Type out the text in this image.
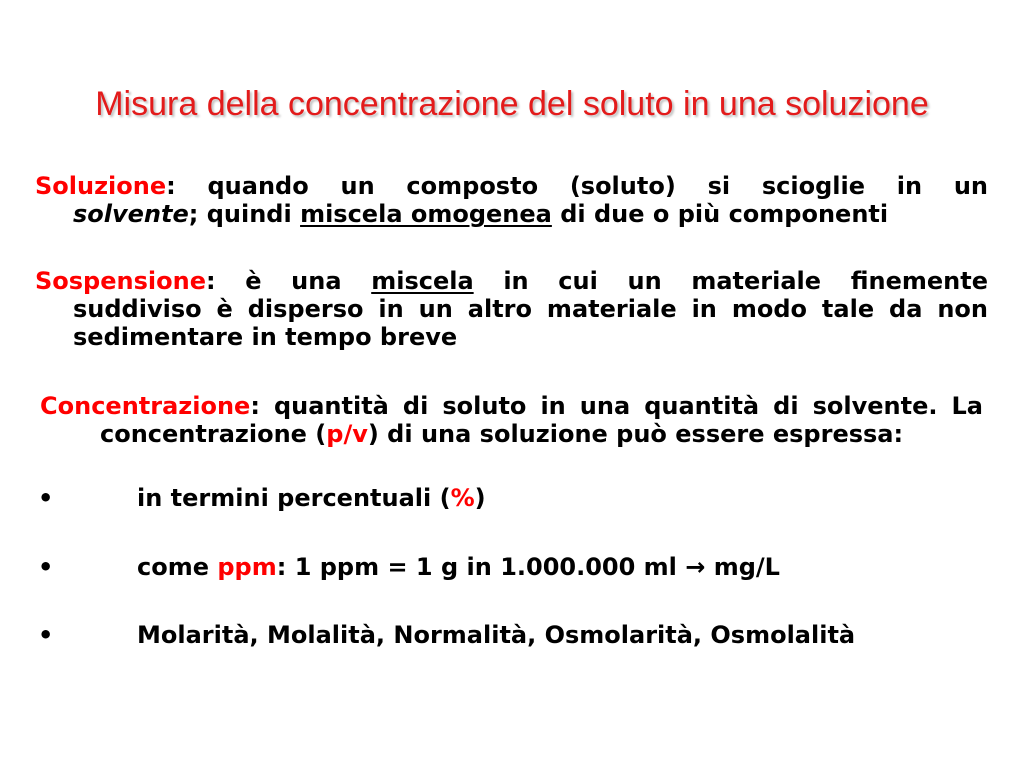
Misura della concentrazione del soluto in una soluzione
Soluzione: quando un composto (soluto) si scioglie in un
solvente; quindi miscela omogenea di due o più componenti
Sospensione: è una miscela in cui un materiale finemente
suddiviso è disperso in un altro materiale in modo tale da non
sedimentare in tempo breve
Concentrazione: quantità di soluto in una quantità di solvente. La
concentrazione (p/v) di una soluzione può essere espressa:
•	in termini percentuali (%)
•	come ppm: 1 ppm = 1 g in 1.000.000 ml → mg/L
•	Molarità, Molalità, Normalità, Osmolarità, Osmolalità
